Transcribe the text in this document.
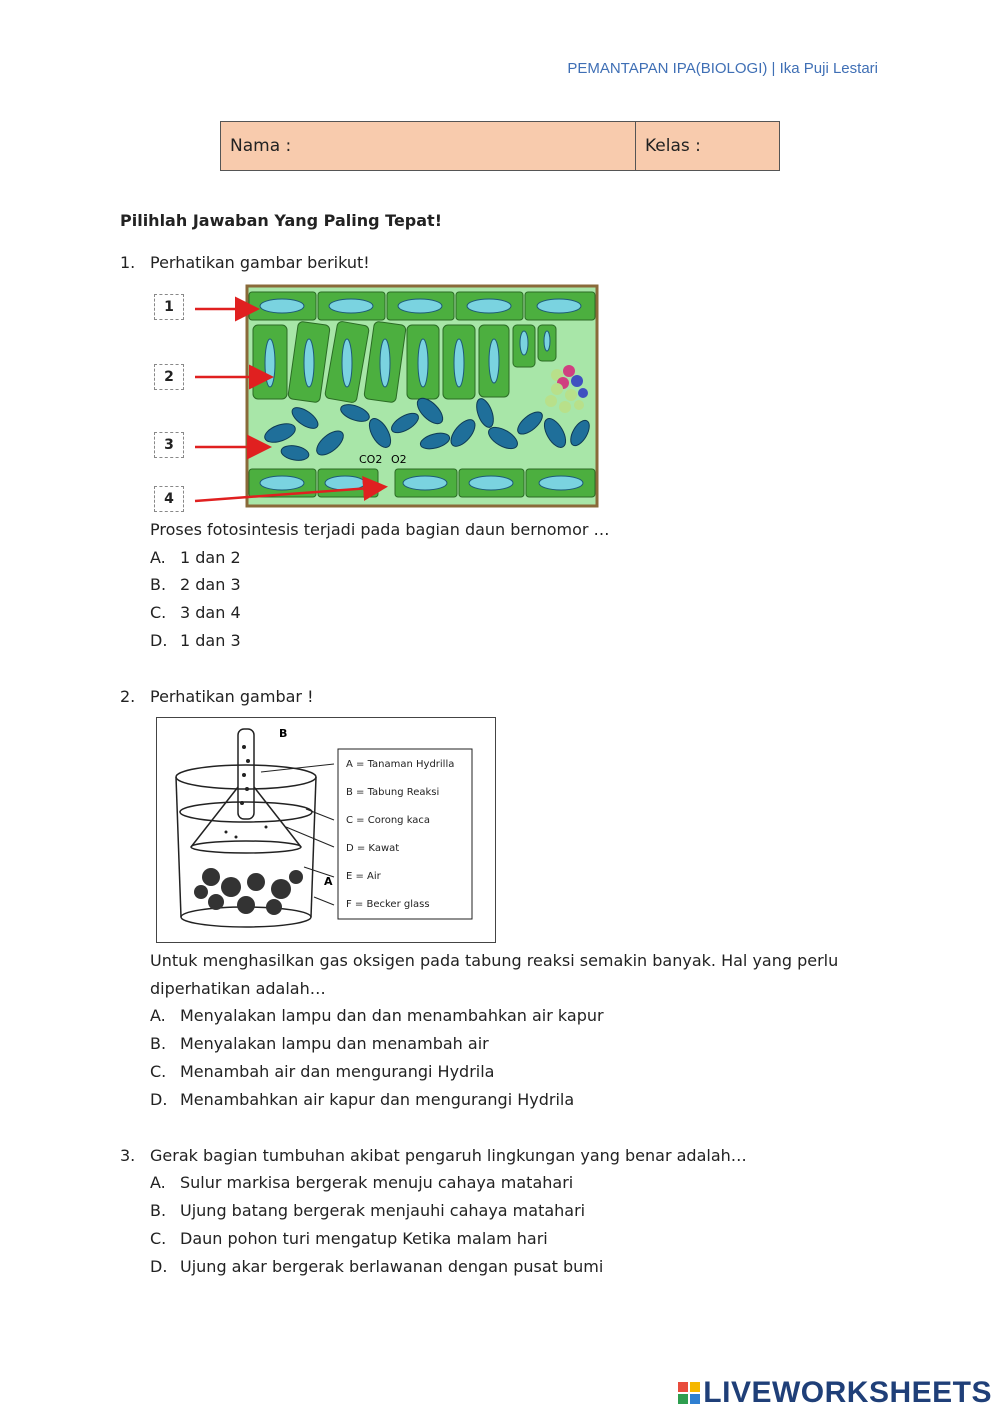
PEMANTAPAN IPA(BIOLOGI) | Ika Puji Lestari
Nama :	Kelas :
Pilihlah Jawaban Yang Paling Tepat!
1. Perhatikan gambar berikut!
1
2
3
4
CO2 O2
Proses fotosintesis terjadi pada bagian daun bernomor …
A. 1 dan 2
B. 2 dan 3
C. 3 dan 4
D. 1 dan 3
2. Perhatikan gambar !
B
A
A = Tanaman Hydrilla
B = Tabung Reaksi
C = Corong kaca
D = Kawat
E = Air
F = Becker glass
Untuk menghasilkan gas oksigen pada tabung reaksi semakin banyak. Hal yang perlu
diperhatikan adalah…
A. Menyalakan lampu dan dan menambahkan air kapur
B. Menyalakan lampu dan menambah air
C. Menambah air dan mengurangi Hydrila
D. Menambahkan air kapur dan mengurangi Hydrila
3. Gerak bagian tumbuhan akibat pengaruh lingkungan yang benar adalah…
A. Sulur markisa bergerak menuju cahaya matahari
B. Ujung batang bergerak menjauhi cahaya matahari
C. Daun pohon turi mengatup Ketika malam hari
D. Ujung akar bergerak berlawanan dengan pusat bumi
LIVEWORKSHEETS
